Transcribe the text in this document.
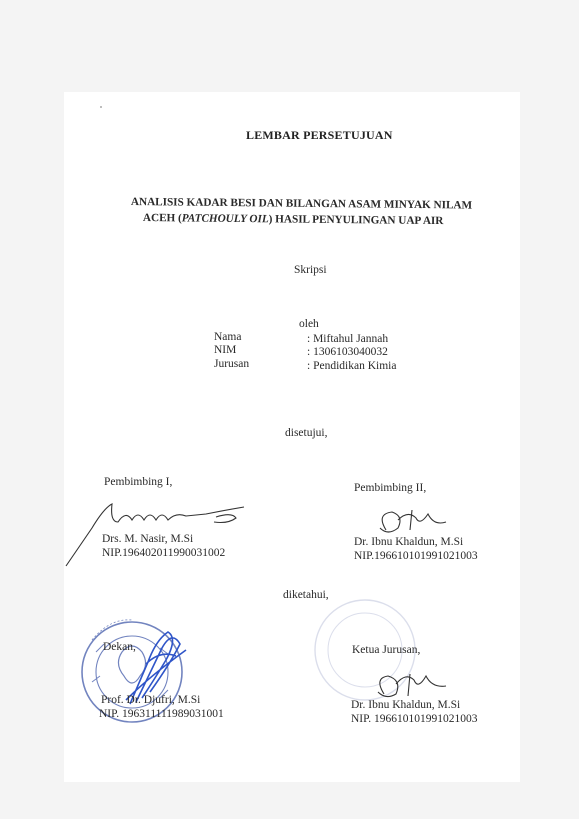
LEMBAR PERSETUJUAN
ANALISIS KADAR BESI DAN BILANGAN ASAM MINYAK NILAM
ACEH (PATCHOULY OIL) HASIL PENYULINGAN UAP AIR
Skripsi
oleh
Nama	: Miftahul Jannah
NIM	: 1306103040032
Jurusan	: Pendidikan Kimia
disetujui,
Pembimbing I,	Pembimbing II,
Drs. M. Nasir, M.Si
NIP.196402011990031002
Dr. Ibnu Khaldun, M.Si
NIP.196610101991021003
diketahui,
Dekan,	Ketua Jurusan,
Prof. Dr. Djufri, M.Si
NIP. 196311111989031001
Dr. Ibnu Khaldun, M.Si
NIP. 196610101991021003
